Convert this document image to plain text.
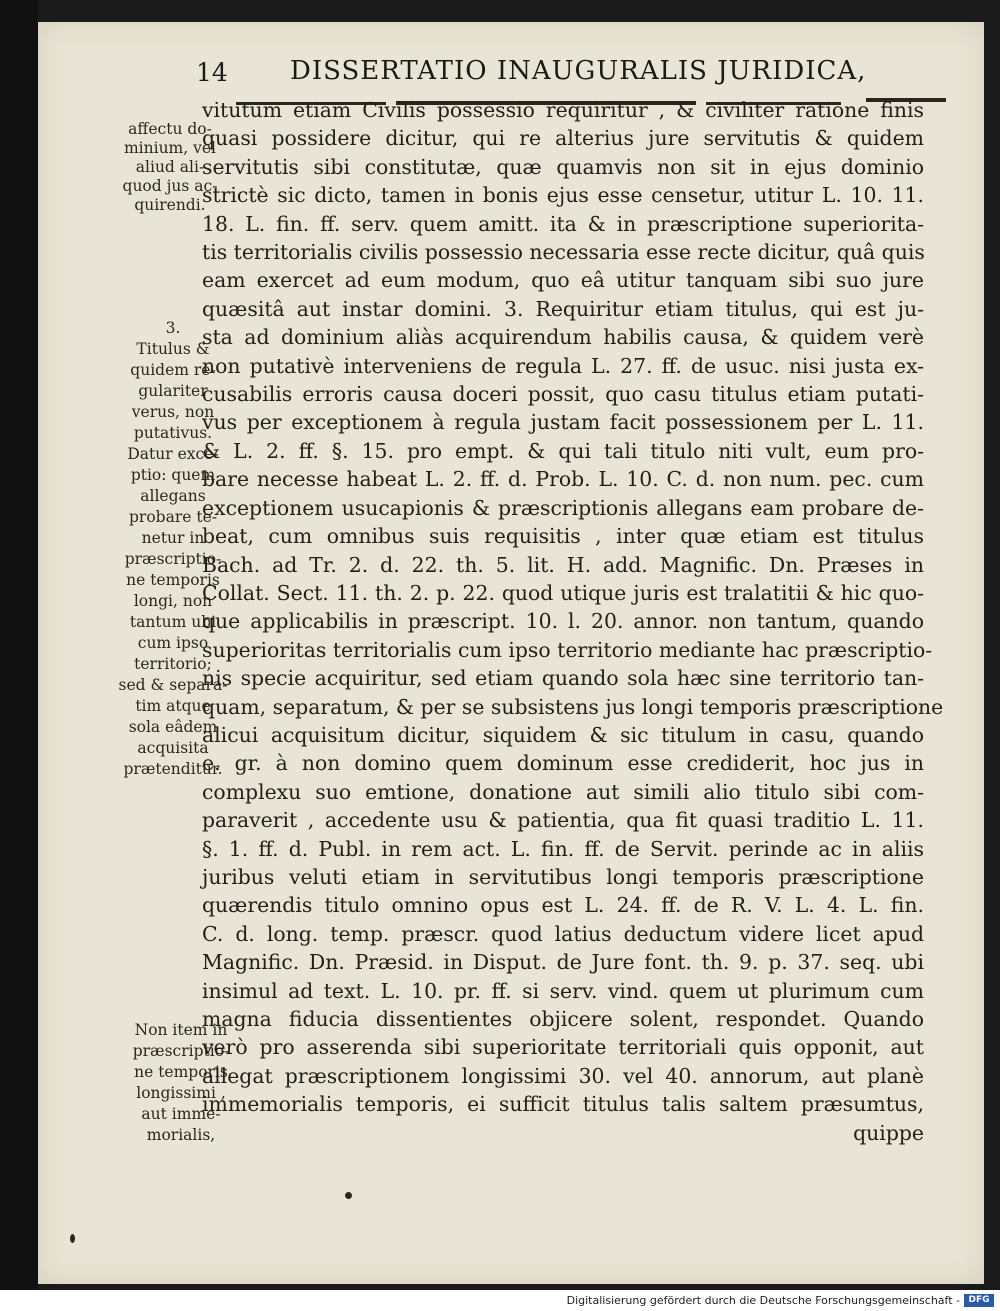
14 DISSERTATIO INAUGURALIS JURIDICA,

affectu do-

minium, vel

aliud ali-

quod jus ac-

quirendi.

3.

Titulus &

quidem re-

gulariter

verus, non

putativus.

Datur exce-

ptio: quem

allegans

probare te-

netur in

præscriptio-

ne temporis

longi, non

tantum ubi

cum ipso

territorio;

sed & separa-

tim atque

sola eâdem

acquisita

prætenditur.

Non item in

præscriptio-

ne temporis

longissimi ,

aut imme-

morialis,

vitutum etiam Civilis possessio requiritur , & civiliter ratione finis

quasi possidere dicitur, qui re alterius jure servitutis & quidem

servitutis sibi constitutæ, quæ quamvis non sit in ejus dominio

strictè sic dicto, tamen in bonis ejus esse censetur, utitur L. 10. 11.

18. L. fin. ff. serv. quem amitt. ita & in præscriptione superiorita-

tis territorialis civilis possessio necessaria esse recte dicitur, quâ quis

eam exercet ad eum modum, quo eâ utitur tanquam sibi suo jure

quæsitâ aut instar domini. 3. Requiritur etiam titulus, qui est ju-

sta ad dominium aliàs acquirendum habilis causa, & quidem verè

non putativè interveniens de regula L. 27. ff. de usuc. nisi justa ex-

cusabilis erroris causa doceri possit, quo casu titulus etiam putati-

vus per exceptionem à regula justam facit possessionem per L. 11.

& L. 2. ff. §. 15. pro empt. & qui tali titulo niti vult, eum pro-

bare necesse habeat L. 2. ff. d. Prob. L. 10. C. d. non num. pec. cum

exceptionem usucapionis & præscriptionis allegans eam probare de-

beat, cum omnibus suis requisitis , inter quæ etiam est titulus

Bach. ad Tr. 2. d. 22. th. 5. lit. H. add. Magnific. Dn. Præses in

Collat. Sect. 11. th. 2. p. 22. quod utique juris est tralatitii & hic quo-

que applicabilis in præscript. 10. l. 20. annor. non tantum, quando

superioritas territorialis cum ipso territorio mediante hac præscriptio-

nis specie acquiritur, sed etiam quando sola hæc sine territorio tan-

quam, separatum, & per se subsistens jus longi temporis præscriptione

alicui acquisitum dicitur, siquidem & sic titulum in casu, quando

e. gr. à non domino quem dominum esse crediderit, hoc jus in

complexu suo emtione, donatione aut simili alio titulo sibi com-

paraverit , accedente usu & patientia, qua fit quasi traditio L. 11.

§. 1. ff. d. Publ. in rem act. L. fin. ff. de Servit. perinde ac in aliis

juribus veluti etiam in servitutibus longi temporis præscriptione

quærendis titulo omnino opus est L. 24. ff. de R. V. L. 4. L. fin.

C. d. long. temp. præscr. quod latius deductum videre licet apud

Magnific. Dn. Præsid. in Disput. de Jure font. th. 9. p. 37. seq. ubi

insimul ad text. L. 10. pr. ff. si serv. vind. quem ut plurimum cum

magna fiducia dissentientes objicere solent, respondet. Quando

verò pro asserenda sibi superioritate territoriali quis opponit, aut

allegat præscriptionem longissimi 30. vel 40. annorum, aut planè

immemorialis temporis, ei sufficit titulus talis saltem præsumtus,

quippe

Digitalisierung gefördert durch die Deutsche Forschungsgemeinschaft - DFG
